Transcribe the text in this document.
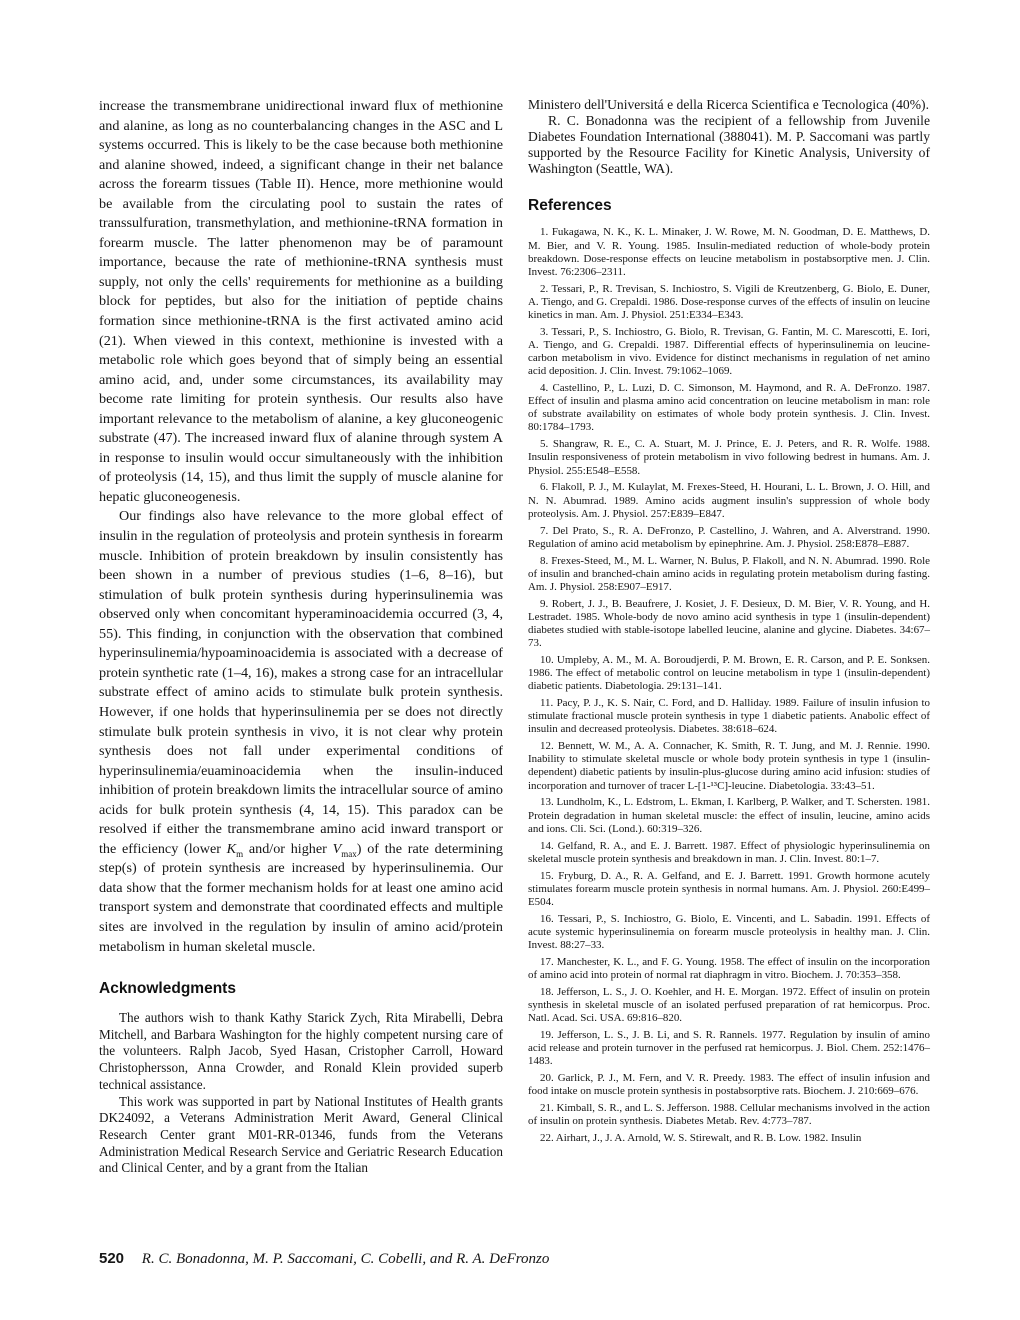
increase the transmembrane unidirectional inward flux of methionine and alanine, as long as no counterbalancing changes in the ASC and L systems occurred. This is likely to be the case because both methionine and alanine showed, indeed, a significant change in their net balance across the forearm tissues (Table II). Hence, more methionine would be available from the circulating pool to sustain the rates of transsulfuration, transmethylation, and methionine-tRNA formation in forearm muscle. The latter phenomenon may be of paramount importance, because the rate of methionine-tRNA synthesis must supply, not only the cells' requirements for methionine as a building block for peptides, but also for the initiation of peptide chains formation since methionine-tRNA is the first activated amino acid (21). When viewed in this context, methionine is invested with a metabolic role which goes beyond that of simply being an essential amino acid, and, under some circumstances, its availability may become rate limiting for protein synthesis. Our results also have important relevance to the metabolism of alanine, a key gluconeogenic substrate (47). The increased inward flux of alanine through system A in response to insulin would occur simultaneously with the inhibition of proteolysis (14, 15), and thus limit the supply of muscle alanine for hepatic gluconeogenesis.

Our findings also have relevance to the more global effect of insulin in the regulation of proteolysis and protein synthesis in forearm muscle. Inhibition of protein breakdown by insulin consistently has been shown in a number of previous studies (1–6, 8–16), but stimulation of bulk protein synthesis during hyperinsulinemia was observed only when concomitant hyperaminoacidemia occurred (3, 4, 55). This finding, in conjunction with the observation that combined hyperinsulinemia/hypoaminoacidemia is associated with a decrease of protein synthetic rate (1–4, 16), makes a strong case for an intracellular substrate effect of amino acids to stimulate bulk protein synthesis. However, if one holds that hyperinsulinemia per se does not directly stimulate bulk protein synthesis in vivo, it is not clear why protein synthesis does not fall under experimental conditions of hyperinsulinemia/euaminoacidemia when the insulin-induced inhibition of protein breakdown limits the intracellular source of amino acids for bulk protein synthesis (4, 14, 15). This paradox can be resolved if either the transmembrane amino acid inward transport or the efficiency (lower $K_m$ and/or higher $V_{max}$) of the rate determining step(s) of protein synthesis are increased by hyperinsulinemia. Our data show that the former mechanism holds for at least one amino acid transport system and demonstrate that coordinated effects and multiple sites are involved in the regulation by insulin of amino acid/protein metabolism in human skeletal muscle.

Acknowledgments

The authors wish to thank Kathy Starick Zych, Rita Mirabelli, Debra Mitchell, and Barbara Washington for the highly competent nursing care of the volunteers. Ralph Jacob, Syed Hasan, Cristopher Carroll, Howard Christophersson, Anna Crowder, and Ronald Klein provided superb technical assistance.

This work was supported in part by National Institutes of Health grants DK24092, a Veterans Administration Merit Award, General Clinical Research Center grant M01-RR-01346, funds from the Veterans Administration Medical Research Service and Geriatric Research Education and Clinical Center, and by a grant from the Italian

Ministero dell'Universitá e della Ricerca Scientifica e Tecnologica (40%).

R. C. Bonadonna was the recipient of a fellowship from Juvenile Diabetes Foundation International (388041). M. P. Saccomani was partly supported by the Resource Facility for Kinetic Analysis, University of Washington (Seattle, WA).

References

1. Fukagawa, N. K., K. L. Minaker, J. W. Rowe, M. N. Goodman, D. E. Matthews, D. M. Bier, and V. R. Young. 1985. Insulin-mediated reduction of whole-body protein breakdown. Dose-response effects on leucine metabolism in postabsorptive men. J. Clin. Invest. 76:2306–2311.

2. Tessari, P., R. Trevisan, S. Inchiostro, S. Vigili de Kreutzenberg, G. Biolo, E. Duner, A. Tiengo, and G. Crepaldi. 1986. Dose-response curves of the effects of insulin on leucine kinetics in man. Am. J. Physiol. 251:E334–E343.

3. Tessari, P., S. Inchiostro, G. Biolo, R. Trevisan, G. Fantin, M. C. Marescotti, E. Iori, A. Tiengo, and G. Crepaldi. 1987. Differential effects of hyperinsulinemia on leucine-carbon metabolism in vivo. Evidence for distinct mechanisms in regulation of net amino acid deposition. J. Clin. Invest. 79:1062–1069.

4. Castellino, P., L. Luzi, D. C. Simonson, M. Haymond, and R. A. DeFronzo. 1987. Effect of insulin and plasma amino acid concentration on leucine metabolism in man: role of substrate availability on estimates of whole body protein synthesis. J. Clin. Invest. 80:1784–1793.

5. Shangraw, R. E., C. A. Stuart, M. J. Prince, E. J. Peters, and R. R. Wolfe. 1988. Insulin responsiveness of protein metabolism in vivo following bedrest in humans. Am. J. Physiol. 255:E548–E558.

6. Flakoll, P. J., M. Kulaylat, M. Frexes-Steed, H. Hourani, L. L. Brown, J. O. Hill, and N. N. Abumrad. 1989. Amino acids augment insulin's suppression of whole body proteolysis. Am. J. Physiol. 257:E839–E847.

7. Del Prato, S., R. A. DeFronzo, P. Castellino, J. Wahren, and A. Alverstrand. 1990. Regulation of amino acid metabolism by epinephrine. Am. J. Physiol. 258:E878–E887.

8. Frexes-Steed, M., M. L. Warner, N. Bulus, P. Flakoll, and N. N. Abumrad. 1990. Role of insulin and branched-chain amino acids in regulating protein metabolism during fasting. Am. J. Physiol. 258:E907–E917.

9. Robert, J. J., B. Beaufrere, J. Kosiet, J. F. Desieux, D. M. Bier, V. R. Young, and H. Lestradet. 1985. Whole-body de novo amino acid synthesis in type 1 (insulin-dependent) diabetes studied with stable-isotope labelled leucine, alanine and glycine. Diabetes. 34:67–73.

10. Umpleby, A. M., M. A. Boroudjerdi, P. M. Brown, E. R. Carson, and P. E. Sonksen. 1986. The effect of metabolic control on leucine metabolism in type 1 (insulin-dependent) diabetic patients. Diabetologia. 29:131–141.

11. Pacy, P. J., K. S. Nair, C. Ford, and D. Halliday. 1989. Failure of insulin infusion to stimulate fractional muscle protein synthesis in type 1 diabetic patients. Anabolic effect of insulin and decreased proteolysis. Diabetes. 38:618–624.

12. Bennett, W. M., A. A. Connacher, K. Smith, R. T. Jung, and M. J. Rennie. 1990. Inability to stimulate skeletal muscle or whole body protein synthesis in type 1 (insulin-dependent) diabetic patients by insulin-plus-glucose during amino acid infusion: studies of incorporation and turnover of tracer L-[1-¹³C]-leucine. Diabetologia. 33:43–51.

13. Lundholm, K., L. Edstrom, L. Ekman, I. Karlberg, P. Walker, and T. Schersten. 1981. Protein degradation in human skeletal muscle: the effect of insulin, leucine, amino acids and ions. Cli. Sci. (Lond.). 60:319–326.

14. Gelfand, R. A., and E. J. Barrett. 1987. Effect of physiologic hyperinsulinemia on skeletal muscle protein synthesis and breakdown in man. J. Clin. Invest. 80:1–7.

15. Fryburg, D. A., R. A. Gelfand, and E. J. Barrett. 1991. Growth hormone acutely stimulates forearm muscle protein synthesis in normal humans. Am. J. Physiol. 260:E499–E504.

16. Tessari, P., S. Inchiostro, G. Biolo, E. Vincenti, and L. Sabadin. 1991. Effects of acute systemic hyperinsulinemia on forearm muscle proteolysis in healthy man. J. Clin. Invest. 88:27–33.

17. Manchester, K. L., and F. G. Young. 1958. The effect of insulin on the incorporation of amino acid into protein of normal rat diaphragm in vitro. Biochem. J. 70:353–358.

18. Jefferson, L. S., J. O. Koehler, and H. E. Morgan. 1972. Effect of insulin on protein synthesis in skeletal muscle of an isolated perfused preparation of rat hemicorpus. Proc. Natl. Acad. Sci. USA. 69:816–820.

19. Jefferson, L. S., J. B. Li, and S. R. Rannels. 1977. Regulation by insulin of amino acid release and protein turnover in the perfused rat hemicorpus. J. Biol. Chem. 252:1476–1483.

20. Garlick, P. J., M. Fern, and V. R. Preedy. 1983. The effect of insulin infusion and food intake on muscle protein synthesis in postabsorptive rats. Biochem. J. 210:669–676.

21. Kimball, S. R., and L. S. Jefferson. 1988. Cellular mechanisms involved in the action of insulin on protein synthesis. Diabetes Metab. Rev. 4:773–787.

22. Airhart, J., J. A. Arnold, W. S. Stirewalt, and R. B. Low. 1982. Insulin

520 R. C. Bonadonna, M. P. Saccomani, C. Cobelli, and R. A. DeFronzo
